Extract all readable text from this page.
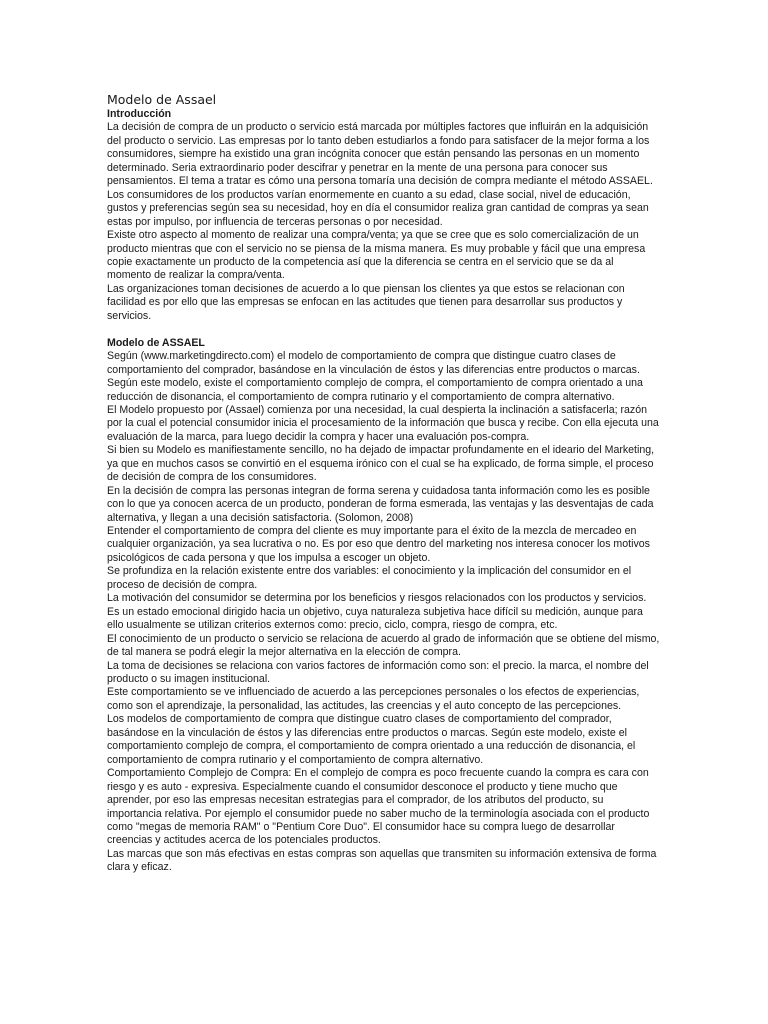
Modelo de Assael
Introducción

La decisión de compra de un producto o servicio está marcada por múltiples factores que influirán en la adquisición del producto o servicio. Las empresas por lo tanto deben estudiarlos a fondo para satisfacer de la mejor forma a los consumidores, siempre ha existido una gran incógnita conocer que están pensando las personas en un momento determinado. Seria extraordinario poder descifrar y penetrar en la mente de una persona para conocer sus pensamientos. El tema a tratar es cómo una persona tomaría una decisión de compra mediante el método ASSAEL.

Los consumidores de los productos varían enormemente en cuanto a su edad, clase social, nivel de educación, gustos y preferencias según sea su necesidad, hoy en día el consumidor realiza gran cantidad de compras ya sean estas por impulso, por influencia de terceras personas o por necesidad.

Existe otro aspecto al momento de realizar una compra/venta; ya que se cree que es solo comercialización de un producto mientras que con el servicio no se piensa de la misma manera. Es muy probable y fácil que una empresa copie exactamente un producto de la competencia así que la diferencia se centra en el servicio que se da al momento de realizar la compra/venta.

Las organizaciones toman decisiones de acuerdo a lo que piensan los clientes ya que estos se relacionan con facilidad es por ello que las empresas se enfocan en las actitudes que tienen para desarrollar sus productos y servicios.

Modelo de ASSAEL

Según (www.marketingdirecto.com) el modelo de comportamiento de compra que distingue cuatro clases de comportamiento del comprador, basándose en la vinculación de éstos y las diferencias entre productos o marcas. Según este modelo, existe el comportamiento complejo de compra, el comportamiento de compra orientado a una reducción de disonancia, el comportamiento de compra rutinario y el comportamiento de compra alternativo.

El Modelo propuesto por (Assael) comienza por una necesidad, la cual despierta la inclinación a satisfacerla; razón por la cual el potencial consumidor inicia el procesamiento de la información que busca y recibe. Con ella ejecuta una evaluación de la marca, para luego decidir la compra y hacer una evaluación pos-compra.

Si bien su Modelo es manifiestamente sencillo, no ha dejado de impactar profundamente en el ideario del Marketing, ya que en muchos casos se convirtió en el esquema irónico con el cual se ha explicado, de forma simple, el proceso de decisión de compra de los consumidores.

En la decisión de compra las personas integran de forma serena y cuidadosa tanta información como les es posible con lo que ya conocen acerca de un producto, ponderan de forma esmerada, las ventajas y las desventajas de cada alternativa, y llegan a una decisión satisfactoria. (Solomon, 2008)

Entender el comportamiento de compra del cliente es muy importante para el éxito de la mezcla de mercadeo en cualquier organización, ya sea lucrativa o no. Es por eso que dentro del marketing nos interesa conocer los motivos psicológicos de cada persona y que los impulsa a escoger un objeto.

Se profundiza en la relación existente entre dos variables: el conocimiento y la implicación del consumidor en el proceso de decisión de compra.

La motivación del consumidor se determina por los beneficios y riesgos relacionados con los productos y servicios. Es un estado emocional dirigido hacia un objetivo, cuya naturaleza subjetiva hace difícil su medición, aunque para ello usualmente se utilizan criterios externos como: precio, ciclo, compra, riesgo de compra, etc.

El conocimiento de un producto o servicio se relaciona de acuerdo al grado de información que se obtiene del mismo, de tal manera se podrá elegir la mejor alternativa en la elección de compra.

La toma de decisiones se relaciona con varios factores de información como son: el precio. la marca, el nombre del producto o su imagen institucional.

Este comportamiento se ve influenciado de acuerdo a las percepciones personales o los efectos de experiencias, como son el aprendizaje, la personalidad, las actitudes, las creencias y el auto concepto de las percepciones.

Los modelos de comportamiento de compra que distingue cuatro clases de comportamiento del comprador, basándose en la vinculación de éstos y las diferencias entre productos o marcas. Según este modelo, existe el comportamiento complejo de compra, el comportamiento de compra orientado a una reducción de disonancia, el comportamiento de compra rutinario y el comportamiento de compra alternativo.

Comportamiento Complejo de Compra: En el complejo de compra es poco frecuente cuando la compra es cara con riesgo y es auto - expresiva. Especialmente cuando el consumidor desconoce el producto y tiene mucho que aprender, por eso las empresas necesitan estrategias para el comprador, de los atributos del producto, su importancia relativa. Por ejemplo el consumidor puede no saber mucho de la terminología asociada con el producto como "megas de memoria RAM" o "Pentium Core Duo". El consumidor hace su compra luego de desarrollar creencias y actitudes acerca de los potenciales productos.

Las marcas que son más efectivas en estas compras son aquellas que transmiten su información extensiva de forma clara y eficaz.
